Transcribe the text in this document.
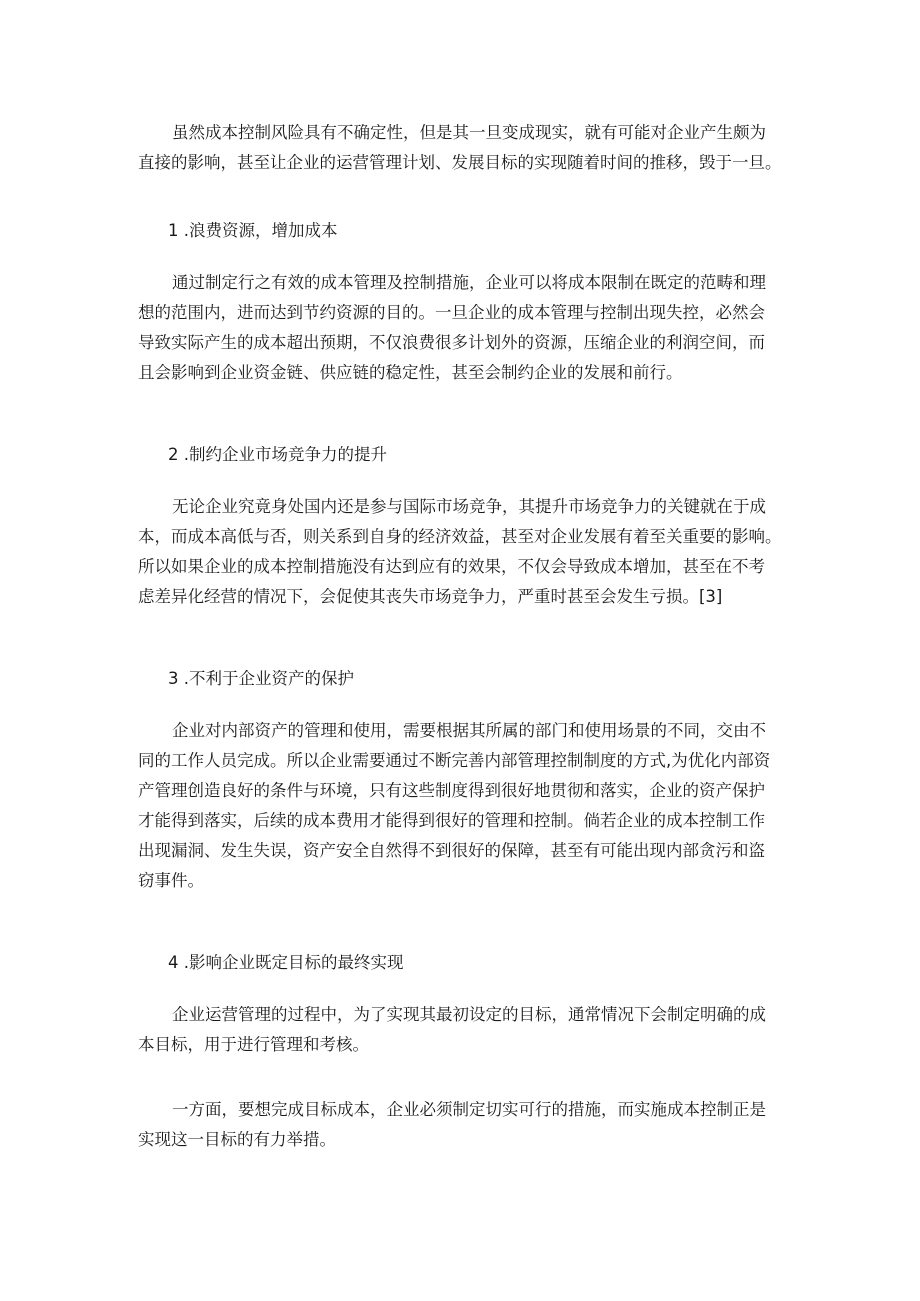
虽然成本控制风险具有不确定性，但是其一旦变成现实，就有可能对企业产生颇为
直接的影响，甚至让企业的运营管理计划、发展目标的实现随着时间的推移，毁于一旦。

1 .浪费资源，增加成本

通过制定行之有效的成本管理及控制措施，企业可以将成本限制在既定的范畴和理
想的范围内，进而达到节约资源的目的。一旦企业的成本管理与控制出现失控，必然会
导致实际产生的成本超出预期，不仅浪费很多计划外的资源，压缩企业的利润空间，而
且会影响到企业资金链、供应链的稳定性，甚至会制约企业的发展和前行。

2 .制约企业市场竞争力的提升

无论企业究竟身处国内还是参与国际市场竞争，其提升市场竞争力的关键就在于成
本，而成本高低与否，则关系到自身的经济效益，甚至对企业发展有着至关重要的影响。
所以如果企业的成本控制措施没有达到应有的效果，不仅会导致成本增加，甚至在不考
虑差异化经营的情况下，会促使其丧失市场竞争力，严重时甚至会发生亏损。[3]

3 .不利于企业资产的保护

企业对内部资产的管理和使用，需要根据其所属的部门和使用场景的不同，交由不
同的工作人员完成。所以企业需要通过不断完善内部管理控制制度的方式,为优化内部资
产管理创造良好的条件与环境，只有这些制度得到很好地贯彻和落实，企业的资产保护
才能得到落实，后续的成本费用才能得到很好的管理和控制。倘若企业的成本控制工作
出现漏洞、发生失误，资产安全自然得不到很好的保障，甚至有可能出现内部贪污和盗
窃事件。

4 .影响企业既定目标的最终实现

企业运营管理的过程中，为了实现其最初设定的目标，通常情况下会制定明确的成
本目标，用于进行管理和考核。

一方面，要想完成目标成本，企业必须制定切实可行的措施，而实施成本控制正是
实现这一目标的有力举措。
